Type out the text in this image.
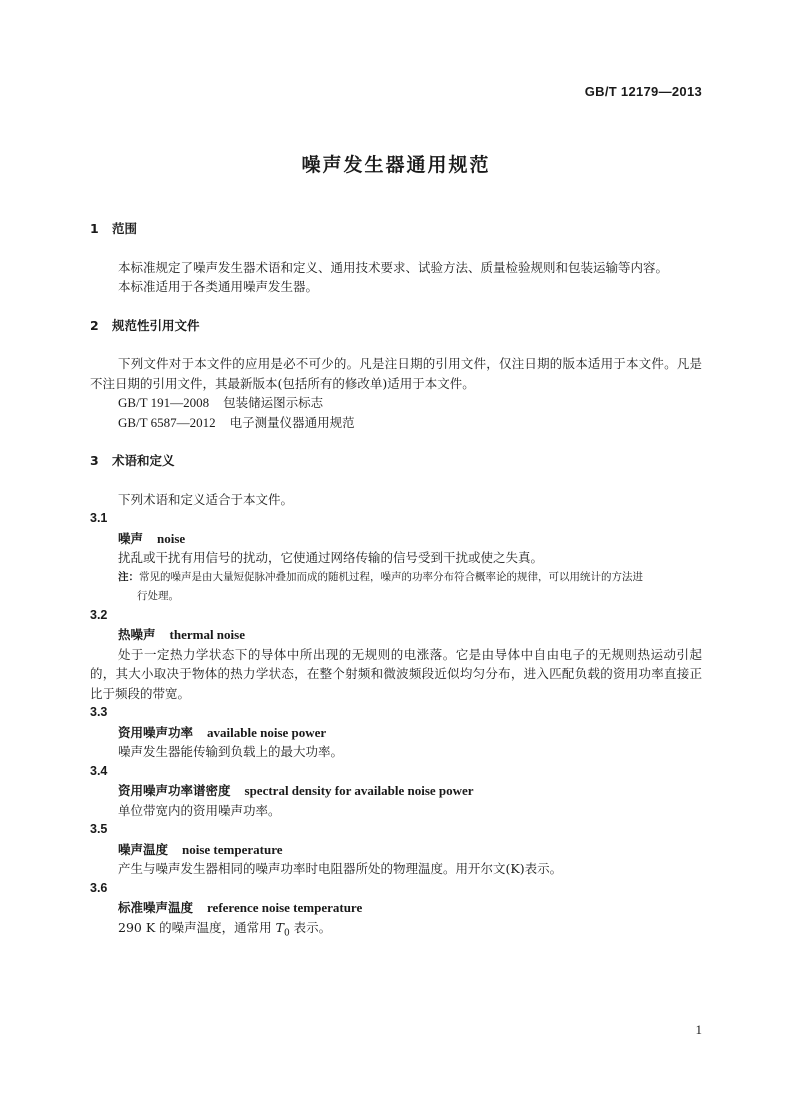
GB/T 12179—2013
噪声发生器通用规范
1 范围
本标准规定了噪声发生器术语和定义、通用技术要求、试验方法、质量检验规则和包装运输等内容。
本标准适用于各类通用噪声发生器。
2 规范性引用文件
下列文件对于本文件的应用是必不可少的。凡是注日期的引用文件，仅注日期的版本适用于本文件。凡是不注日期的引用文件，其最新版本(包括所有的修改单)适用于本文件。
GB/T 191—2008 包装储运图示标志
GB/T 6587—2012 电子测量仪器通用规范
3 术语和定义
下列术语和定义适合于本文件。
3.1
噪声 noise
扰乱或干扰有用信号的扰动，它使通过网络传输的信号受到干扰或使之失真。
注：常见的噪声是由大量短促脉冲叠加而成的随机过程，噪声的功率分布符合概率论的规律，可以用统计的方法进
行处理。
3.2
热噪声 thermal noise
处于一定热力学状态下的导体中所出现的无规则的电涨落。它是由导体中自由电子的无规则热运动引起的，其大小取决于物体的热力学状态，在整个射频和微波频段近似均匀分布，进入匹配负载的资用功率直接正比于频段的带宽。
3.3
资用噪声功率 available noise power
噪声发生器能传输到负载上的最大功率。
3.4
资用噪声功率谱密度 spectral density for available noise power
单位带宽内的资用噪声功率。
3.5
噪声温度 noise temperature
产生与噪声发生器相同的噪声功率时电阻器所处的物理温度。用开尔文(K)表示。
3.6
标准噪声温度 reference noise temperature
290 K 的噪声温度，通常用 $T_0$ 表示。
1
